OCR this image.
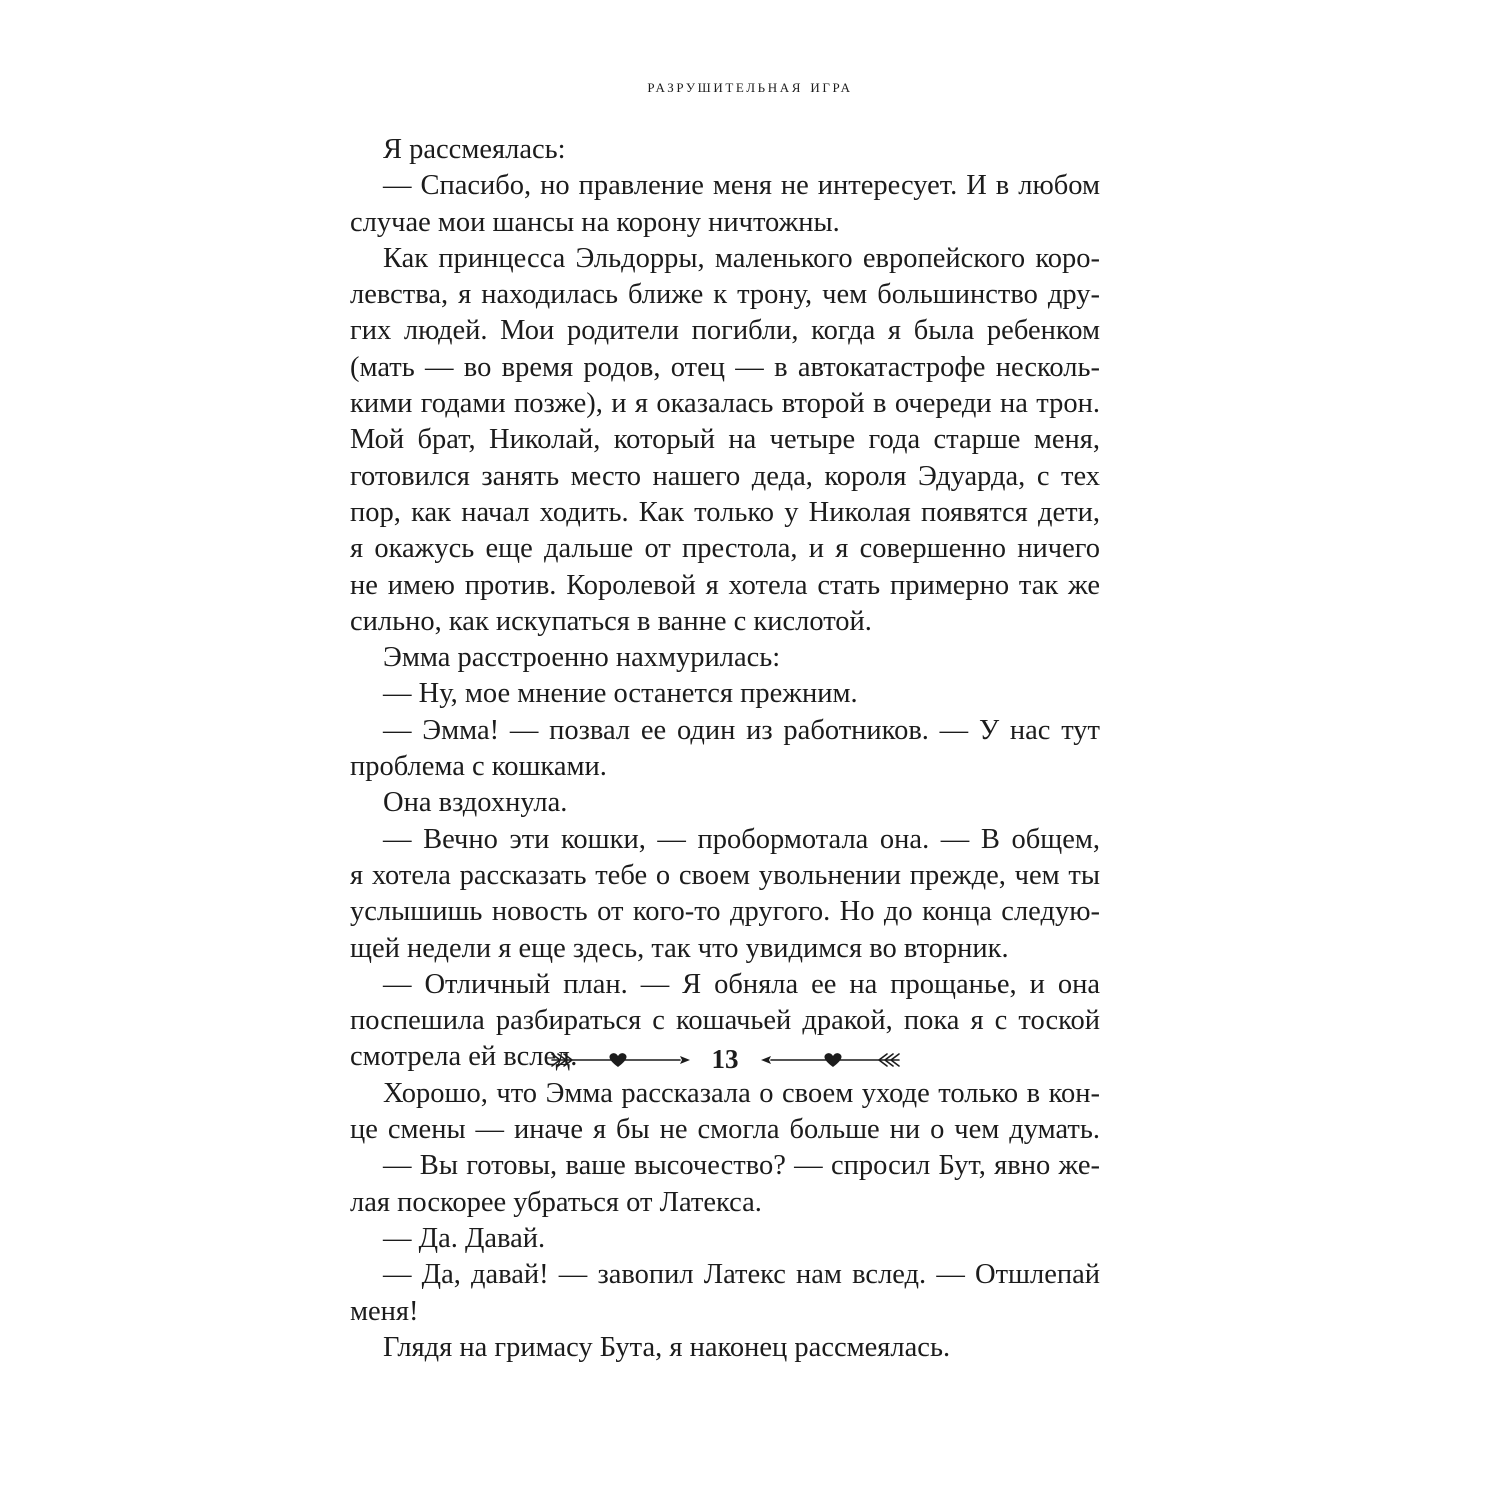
разрушительная игра
Я рассмеялась:
— Спасибо, но правление меня не интересует. И в любом
случае мои шансы на корону ничтожны.
Как принцесса Эльдорры, маленького европейского коро-
левства, я находилась ближе к трону, чем большинство дру-
гих людей. Мои родители погибли, когда я была ребенком
(мать — во время родов, отец — в автокатастрофе несколь-
кими годами позже), и я оказалась второй в очереди на трон.
Мой брат, Николай, который на четыре года старше меня,
готовился занять место нашего деда, короля Эдуарда, с тех
пор, как начал ходить. Как только у Николая появятся дети,
я окажусь еще дальше от престола, и я совершенно ничего
не имею против. Королевой я хотела стать примерно так же
сильно, как искупаться в ванне с кислотой.
Эмма расстроенно нахмурилась:
— Ну, мое мнение останется прежним.
— Эмма! — позвал ее один из работников. — У нас тут
проблема с кошками.
Она вздохнула.
— Вечно эти кошки, — пробормотала она. — В общем,
я хотела рассказать тебе о своем увольнении прежде, чем ты
услышишь новость от кого-то другого. Но до конца следую-
щей недели я еще здесь, так что увидимся во вторник.
— Отличный план. — Я обняла ее на прощанье, и она
поспешила разбираться с кошачьей дракой, пока я с тоской
смотрела ей вслед.
Хорошо, что Эмма рассказала о своем уходе только в кон-
це смены — иначе я бы не смогла больше ни о чем думать.
— Вы готовы, ваше высочество? — спросил Бут, явно же-
лая поскорее убраться от Латекса.
— Да. Давай.
— Да, давай! — завопил Латекс нам вслед. — Отшлепай
меня!
Глядя на гримасу Бута, я наконец рассмеялась.
13
